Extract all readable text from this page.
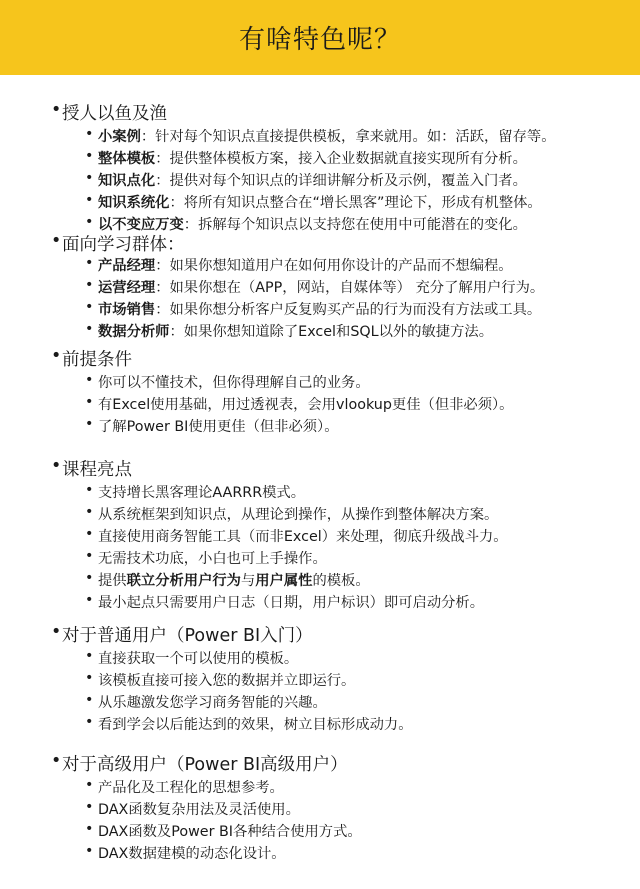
有啥特色呢？
• 授人以鱼及渔
• 小案例：针对每个知识点直接提供模板，拿来就用。如：活跃，留存等。
• 整体模板：提供整体模板方案，接入企业数据就直接实现所有分析。
• 知识点化：提供对每个知识点的详细讲解分析及示例，覆盖入门者。
• 知识系统化：将所有知识点整合在“增长黑客”理论下，形成有机整体。
• 以不变应万变：拆解每个知识点以支持您在使用中可能潜在的变化。
• 面向学习群体：
• 产品经理：如果你想知道用户在如何用你设计的产品而不想编程。
• 运营经理：如果你想在（APP，网站，自媒体等） 充分了解用户行为。
• 市场销售：如果你想分析客户反复购买产品的行为而没有方法或工具。
• 数据分析师：如果你想知道除了Excel和SQL以外的敏捷方法。
• 前提条件
• 你可以不懂技术，但你得理解自己的业务。
• 有Excel使用基础，用过透视表，会用vlookup更佳（但非必须）。
• 了解Power BI使用更佳（但非必须）。
• 课程亮点
• 支持增长黑客理论AARRR模式。
• 从系统框架到知识点，从理论到操作，从操作到整体解决方案。
• 直接使用商务智能工具（而非Excel）来处理，彻底升级战斗力。
• 无需技术功底，小白也可上手操作。
• 提供联立分析用户行为与用户属性的模板。
• 最小起点只需要用户日志（日期，用户标识）即可启动分析。
• 对于普通用户（Power BI入门）
• 直接获取一个可以使用的模板。
• 该模板直接可接入您的数据并立即运行。
• 从乐趣激发您学习商务智能的兴趣。
• 看到学会以后能达到的效果，树立目标形成动力。
• 对于高级用户（Power BI高级用户）
• 产品化及工程化的思想参考。
• DAX函数复杂用法及灵活使用。
• DAX函数及Power BI各种结合使用方式。
• DAX数据建模的动态化设计。
